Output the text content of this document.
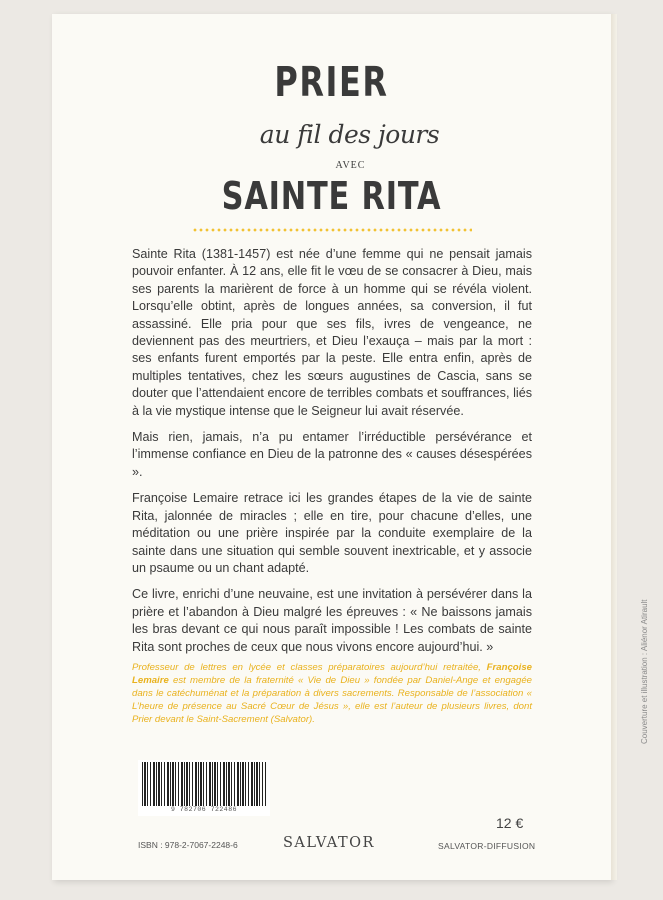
PRIER
au fil des jours
AVEC
SAINTE RITA

Sainte Rita (1381-1457) est née d’une femme qui ne pensait jamais pouvoir enfanter. À 12 ans, elle fit le vœu de se consacrer à Dieu, mais ses parents la marièrent de force à un homme qui se révéla violent. Lorsqu’elle obtint, après de longues années, sa conversion, il fut assassiné. Elle pria pour que ses fils, ivres de vengeance, ne deviennent pas des meurtriers, et Dieu l’exauça – mais par la mort : ses enfants furent emportés par la peste. Elle entra enfin, après de multiples tentatives, chez les sœurs augustines de Cascia, sans se douter que l’attendaient encore de terribles combats et souffrances, liés à la vie mystique intense que le Seigneur lui avait réservée.

Mais rien, jamais, n’a pu entamer l’irréductible persévérance et l’immense confiance en Dieu de la patronne des « causes désespérées ».

Françoise Lemaire retrace ici les grandes étapes de la vie de sainte Rita, jalonnée de miracles ; elle en tire, pour chacune d’elles, une méditation ou une prière inspirée par la conduite exemplaire de la sainte dans une situation qui semble souvent inextricable, et y associe un psaume ou un chant adapté.

Ce livre, enrichi d’une neuvaine, est une invitation à persévérer dans la prière et l’abandon à Dieu malgré les épreuves : « Ne baissons jamais les bras devant ce qui nous paraît impossible ! Les combats de sainte Rita sont proches de ceux que nous vivons encore aujourd’hui. »

Professeur de lettres en lycée et classes préparatoires aujourd’hui retraitée, Françoise Lemaire est membre de la fraternité « Vie de Dieu » fondée par Daniel-Ange et engagée dans le catéchuménat et la préparation à divers sacrements. Responsable de l’association « L’heure de présence au Sacré Cœur de Jésus », elle est l’auteur de plusieurs livres, dont Prier devant le Saint-Sacrement (Salvator).	Couverture et illustration : Aliénor Atirault
9 782706 722486
ISBN : 978-2-7067-2248-6	SALVATOR
12 €
SALVATOR-DIFFUSION
